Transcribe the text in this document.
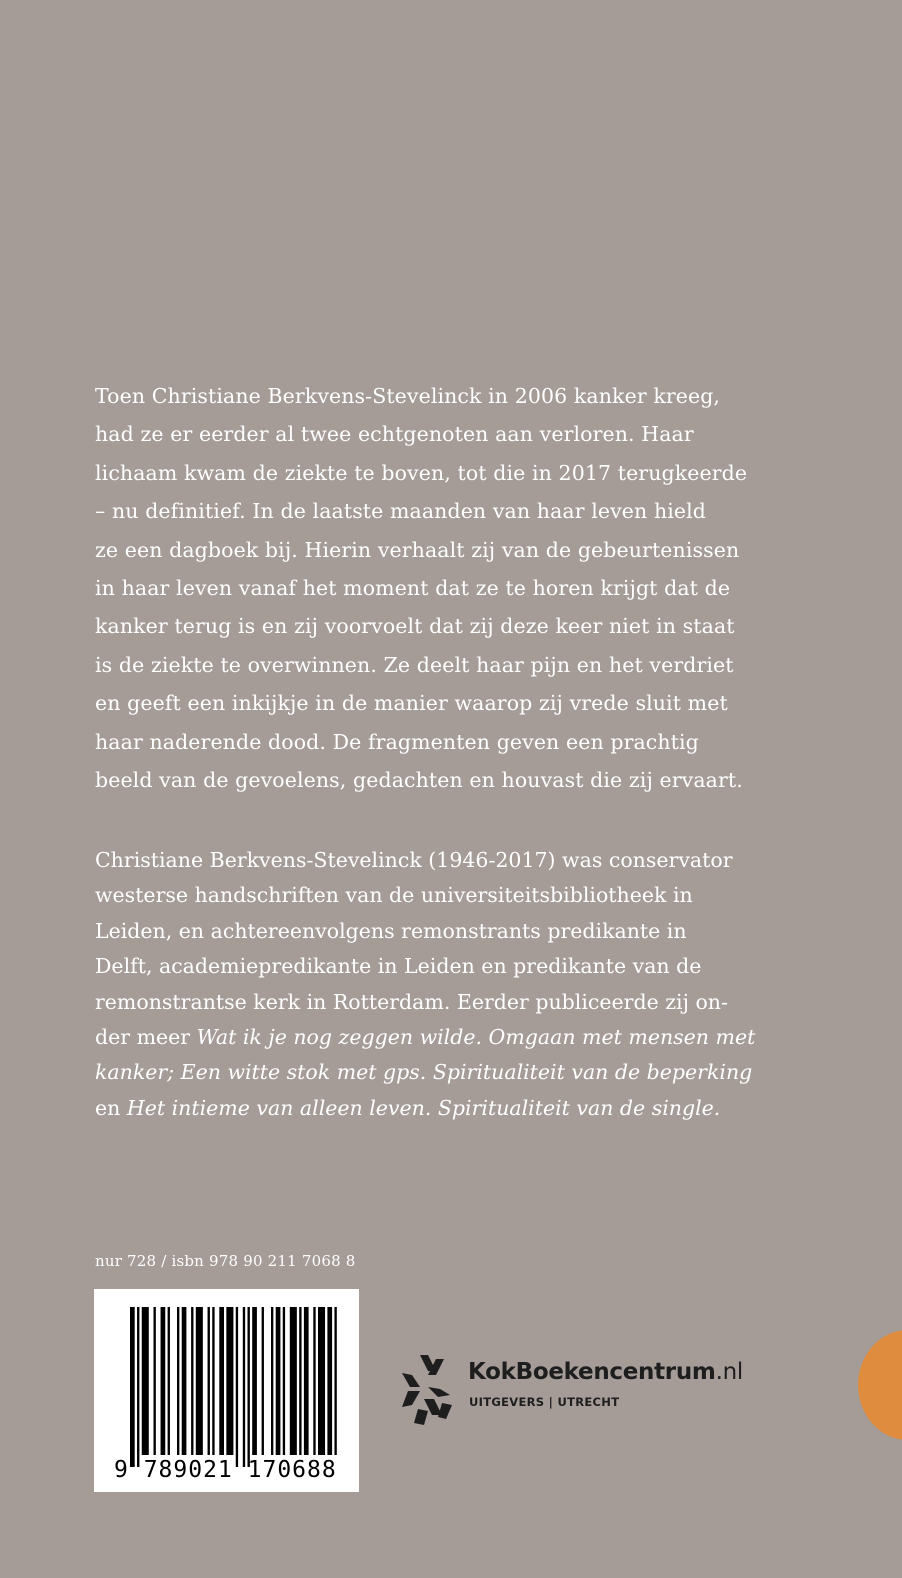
Toen Christiane Berkvens-Stevelinck in 2006 kanker kreeg,
had ze er eerder al twee echtgenoten aan verloren. Haar
lichaam kwam de ziekte te boven, tot die in 2017 terugkeerde
– nu definitief. In de laatste maanden van haar leven hield
ze een dagboek bij. Hierin verhaalt zij van de gebeurtenissen
in haar leven vanaf het moment dat ze te horen krijgt dat de
kanker terug is en zij voorvoelt dat zij deze keer niet in staat
is de ziekte te overwinnen. Ze deelt haar pijn en het verdriet
en geeft een inkijkje in de manier waarop zij vrede sluit met
haar naderende dood. De fragmenten geven een prachtig
beeld van de gevoelens, gedachten en houvast die zij ervaart.
Christiane Berkvens-Stevelinck (1946-2017) was conservator
westerse handschriften van de universiteitsbibliotheek in
Leiden, en achtereenvolgens remonstrants predikante in
Delft, academiepredikante in Leiden en predikante van de
remonstrantse kerk in Rotterdam. Eerder publiceerde zij on-
der meer Wat ik je nog zeggen wilde. Omgaan met mensen met
kanker; Een witte stok met gps. Spiritualiteit van de beperking
en Het intieme van alleen leven. Spiritualiteit van de single.
nur 728 / isbn 978 90 211 7068 8
9 789021 170688
KokBoekencentrum.nl
UITGEVERS | UTRECHT
